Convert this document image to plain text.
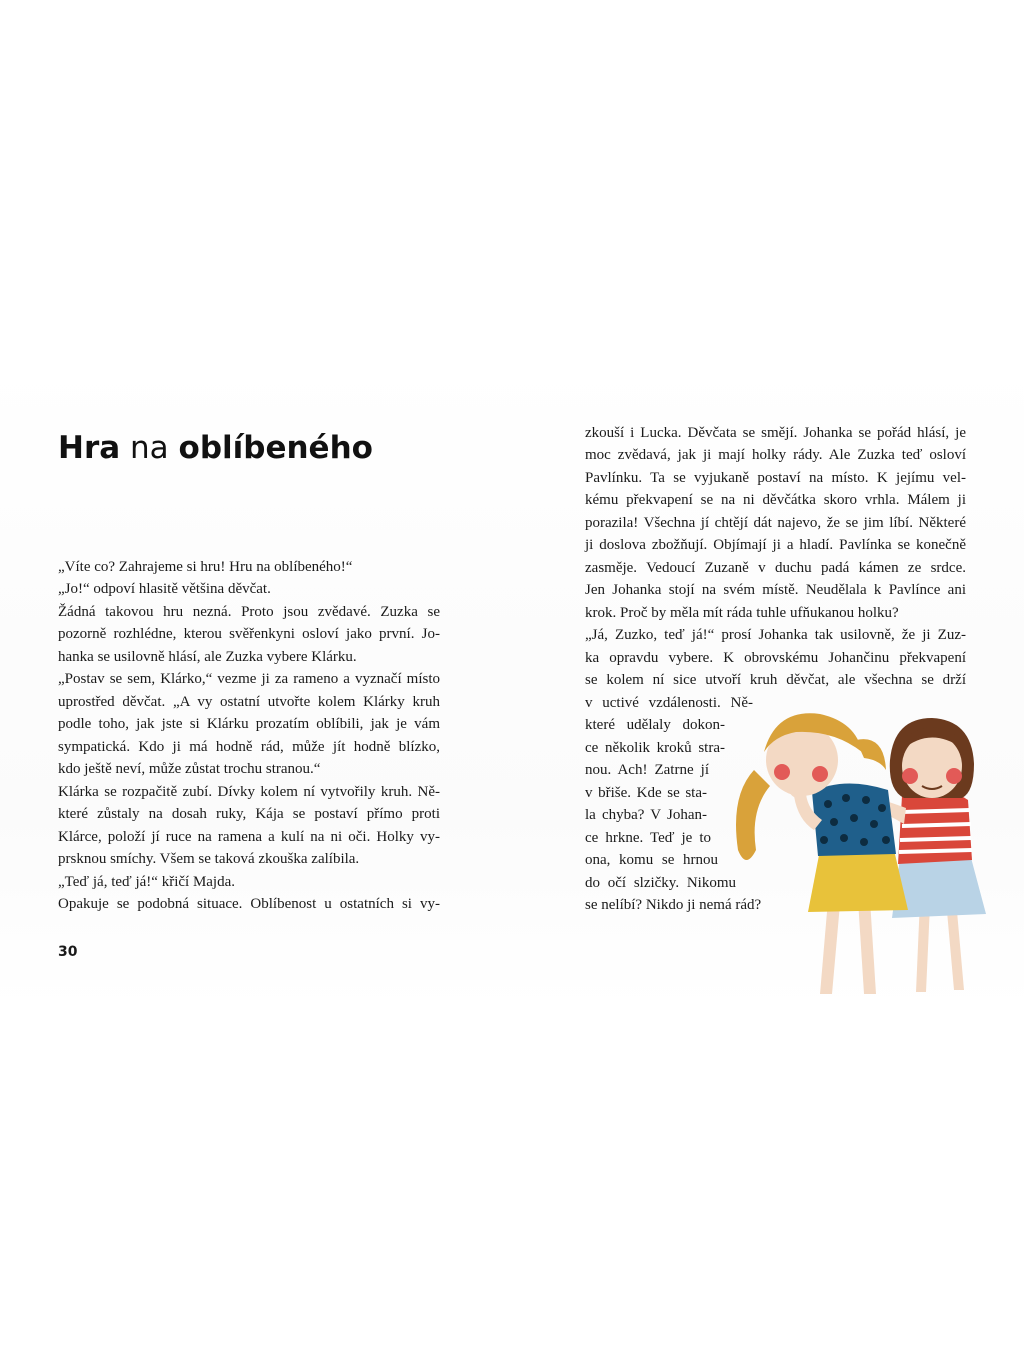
Hra na oblíbeného
„Víte co? Zahrajeme si hru! Hru na oblíbeného!“
„Jo!“ odpoví hlasitě většina děvčat.
Žádná takovou hru nezná. Proto jsou zvědavé. Zuzka se
pozorně rozhlédne, kterou svěřenkyni osloví jako první. Jo-
hanka se usilovně hlásí, ale Zuzka vybere Klárku.
„Postav se sem, Klárko,“ vezme ji za rameno a vyznačí místo
uprostřed děvčat. „A vy ostatní utvořte kolem Klárky kruh
podle toho, jak jste si Klárku prozatím oblíbili, jak je vám
sympatická. Kdo ji má hodně rád, může jít hodně blízko,
kdo ještě neví, může zůstat trochu stranou.“
Klárka se rozpačitě zubí. Dívky kolem ní vytvořily kruh. Ně-
které zůstaly na dosah ruky, Kája se postaví přímo proti
Klárce, položí jí ruce na ramena a kulí na ni oči. Holky vy-
prsknou smíchy. Všem se taková zkouška zalíbila.
„Teď já, teď já!“ křičí Majda.
Opakuje se podobná situace. Oblíbenost u ostatních si vy-
30
zkouší i Lucka. Děvčata se smějí. Johanka se pořád hlásí, je
moc zvědavá, jak ji mají holky rády. Ale Zuzka teď osloví
Pavlínku. Ta se vyjukaně postaví na místo. K jejímu vel-
kému překvapení se na ni děvčátka skoro vrhla. Málem ji
porazila! Všechna jí chtějí dát najevo, že se jim líbí. Některé
ji doslova zbožňují. Objímají ji a hladí. Pavlínka se konečně
zasměje. Vedoucí Zuzaně v duchu padá kámen ze srdce.
Jen Johanka stojí na svém místě. Neudělala k Pavlínce ani
krok. Proč by měla mít ráda tuhle ufňukanou holku?
„Já, Zuzko, teď já!“ prosí Johanka tak usilovně, že ji Zuz-
ka opravdu vybere. K obrovskému Johančinu překvapení
se kolem ní sice utvoří kruh děvčat, ale všechna se drží
v uctivé vzdálenosti. Ně-
které udělaly dokon-
ce několik kroků stra-
nou. Ach! Zatrne jí
v břiše. Kde se sta-
la chyba? V Johan-
ce hrkne. Teď je to
ona, komu se hrnou
do očí slzičky. Nikomu
se nelíbí? Nikdo ji nemá rád?
